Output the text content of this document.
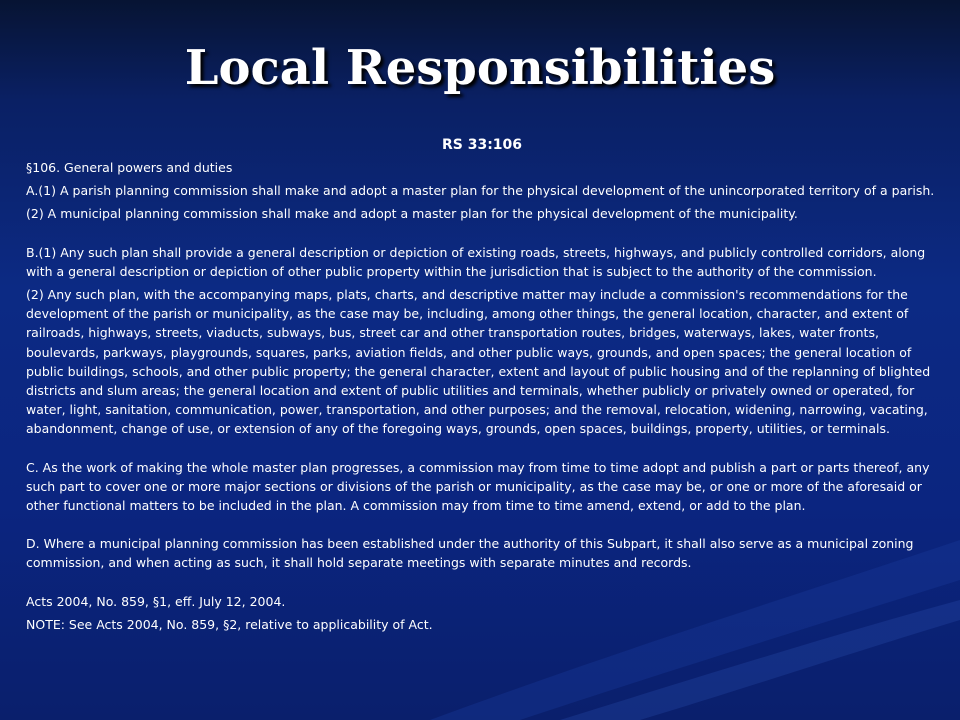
Local Responsibilities

RS 33:106

§106. General powers and duties

A.(1) A parish planning commission shall make and adopt a master plan for the physical development of the unincorporated territory of a parish.

(2) A municipal planning commission shall make and adopt a master plan for the physical development of the municipality.

B.(1) Any such plan shall provide a general description or depiction of existing roads, streets, highways, and publicly controlled corridors, along with a general description or depiction of other public property within the jurisdiction that is subject to the authority of the commission.

(2) Any such plan, with the accompanying maps, plats, charts, and descriptive matter may include a commission's recommendations for the development of the parish or municipality, as the case may be, including, among other things, the general location, character, and extent of railroads, highways, streets, viaducts, subways, bus, street car and other transportation routes, bridges, waterways, lakes, water fronts, boulevards, parkways, playgrounds, squares, parks, aviation fields, and other public ways, grounds, and open spaces; the general location of public buildings, schools, and other public property; the general character, extent and layout of public housing and of the replanning of blighted districts and slum areas; the general location and extent of public utilities and terminals, whether publicly or privately owned or operated, for water, light, sanitation, communication, power, transportation, and other purposes; and the removal, relocation, widening, narrowing, vacating, abandonment, change of use, or extension of any of the foregoing ways, grounds, open spaces, buildings, property, utilities, or terminals.

C. As the work of making the whole master plan progresses, a commission may from time to time adopt and publish a part or parts thereof, any such part to cover one or more major sections or divisions of the parish or municipality, as the case may be, or one or more of the aforesaid or other functional matters to be included in the plan. A commission may from time to time amend, extend, or add to the plan.

D. Where a municipal planning commission has been established under the authority of this Subpart, it shall also serve as a municipal zoning commission, and when acting as such, it shall hold separate meetings with separate minutes and records.

Acts 2004, No. 859, §1, eff. July 12, 2004.

NOTE: See Acts 2004, No. 859, §2, relative to applicability of Act.
